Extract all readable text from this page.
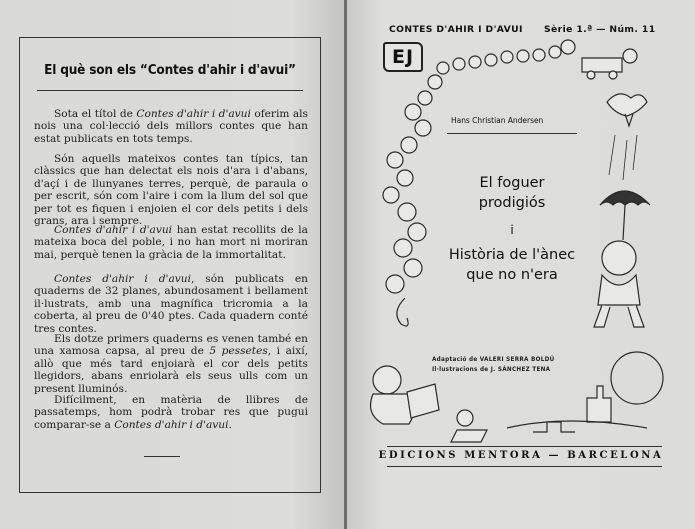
El què son els “Contes d'ahir i d'avui”

Sota el títol de Contes d'ahir i d'avui oferim als nois una col·lecció dels millors contes que han estat publicats en tots temps.

Són aquells mateixos contes tan típics, tan clàssics que han delectat els nois d'ara i d'abans, d'açí i de llunyanes terres, perquè, de paraula o per escrit, són com l'aire i com la llum del sol que per tot es fiquen i enjoien el cor dels petits i dels grans, ara i sempre.

Contes d'ahir i d'avui han estat recollits de la mateixa boca del poble, i no han mort ni moriran mai, perquè tenen la gràcia de la immortalitat.

Contes d'ahir i d'avui, són publicats en quaderns de 32 planes, abundosament i bellament il·lustrats, amb una magnífica tricromia a la coberta, al preu de 0'40 ptes. Cada quadern conté tres contes.

Els dotze primers quaderns es venen també en una xamosa capsa, al preu de 5 pessetes, i així, allò que més tard enjoiarà el cor dels petits llegidors, abans enriolarà els seus ulls com un present lluminós.

Difícilment, en matèria de llibres de passatemps, hom podrà trobar res que pugui comparar-se a Contes d'ahir i d'avui.

CONTES D'AHIR I D'AVUI Sèrie 1.ª — Núm. 11
EJ
Hans Christian Andersen
El foguer
prodigiós
i
Història de l'ànec
que no n'era
Adaptació de VALERI SERRA BOLDÚ
Il·lustracions de J. SÁNCHEZ TENA
EDICIONS MENTORA — BARCELONA
